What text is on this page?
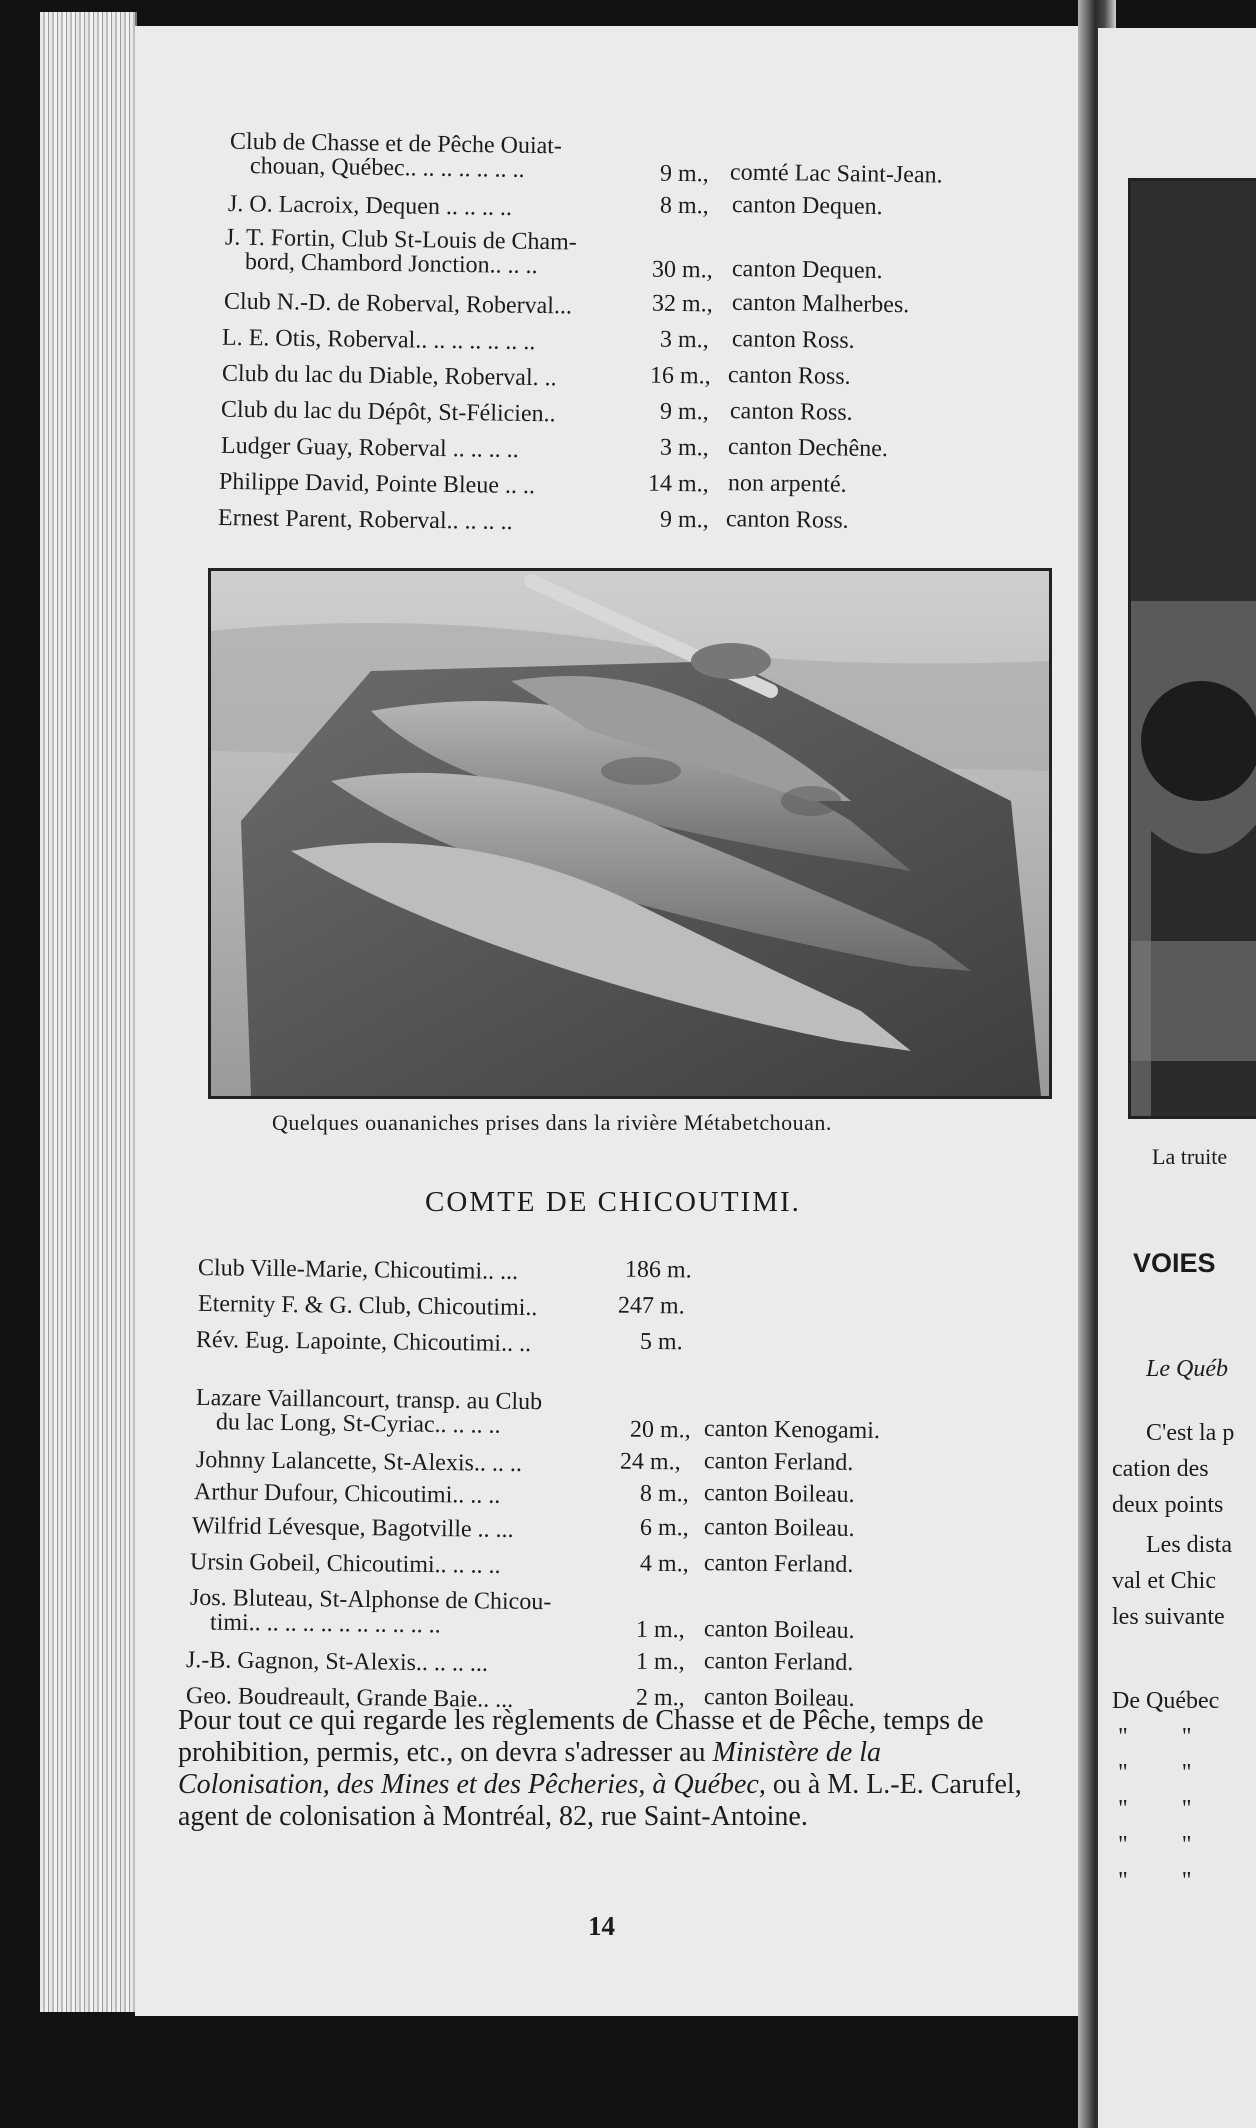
Club de Chasse et de Pêche Ouiat-
chouan, Québec.. .. .. .. .. .. ..	9 m., comté Lac Saint-Jean.
J. O. Lacroix, Dequen .. .. .. ..	8 m., canton Dequen.
J. T. Fortin, Club St-Louis de Cham-
bord, Chambord Jonction.. .. ..	30 m., canton Dequen.
Club N.-D. de Roberval, Roberval...	32 m., canton Malherbes.
L. E. Otis, Roberval.. .. .. .. .. .. ..	3 m., canton Ross.
Club du lac du Diable, Roberval. ..	16 m., canton Ross.
Club du lac du Dépôt, St-Félicien..	9 m., canton Ross.
Ludger Guay, Roberval .. .. .. ..	3 m., canton Dechêne.
Philippe David, Pointe Bleue .. ..	14 m., non arpenté.
Ernest Parent, Roberval.. .. .. ..	9 m., canton Ross.
Quelques ouananiches prises dans la rivière Métabetchouan.
COMTE DE CHICOUTIMI.
Club Ville-Marie, Chicoutimi.. ...	186 m.
Eternity F. & G. Club, Chicoutimi..	247 m.
Rév. Eug. Lapointe, Chicoutimi.. ..	5 m.
Lazare Vaillancourt, transp. au Club
du lac Long, St-Cyriac.. .. .. ..	20 m., canton Kenogami.
Johnny Lalancette, St-Alexis.. .. ..	24 m., canton Ferland.
Arthur Dufour, Chicoutimi.. .. ..	8 m., canton Boileau.
Wilfrid Lévesque, Bagotville .. ...	6 m., canton Boileau.
Ursin Gobeil, Chicoutimi.. .. .. ..	4 m., canton Ferland.
Jos. Bluteau, St-Alphonse de Chicou-
timi.. .. .. .. .. .. .. .. .. .. ..	1 m., canton Boileau.
J.-B. Gagnon, St-Alexis.. .. .. ...	1 m., canton Ferland.
Geo. Boudreault, Grande Baie.. ...	2 m., canton Boileau.
Pour tout ce qui regarde les règlements de Chasse et de Pêche, temps de prohibition, permis, etc., on devra s'adresser au Ministère de la Colonisation, des Mines et des Pêcheries, à Québec, ou à M. L.-E. Carufel, agent de colonisation à Montréal, 82, rue Saint-Antoine.
14
La truite
VOIES
Le Québ
C'est la p
cation des
deux points
Les dista
val et Chic
les suivante
De Québec
" "
" "
" "
" "
" "
